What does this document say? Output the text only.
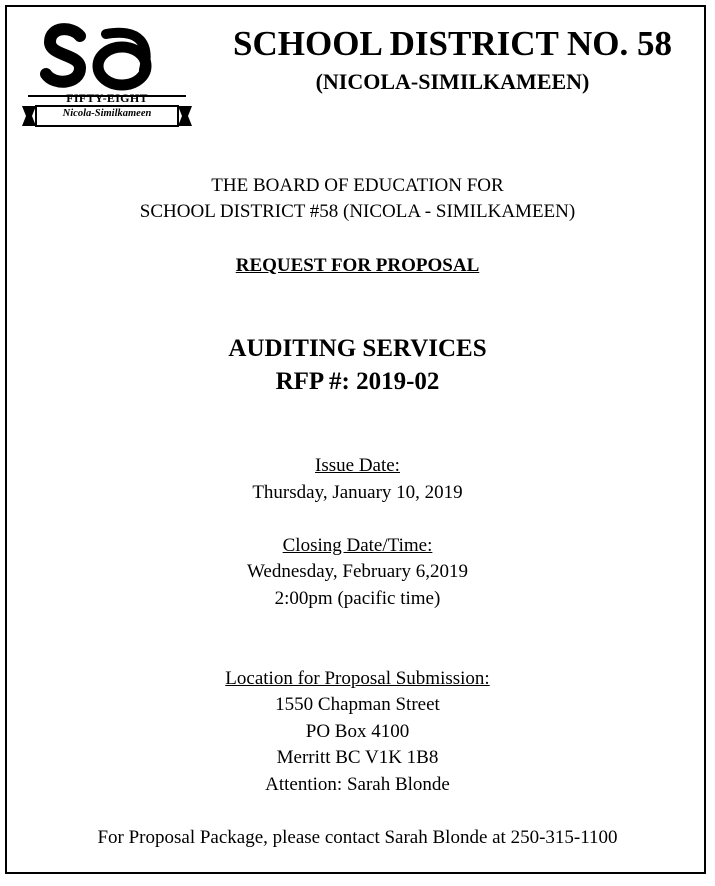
FIFTY-EIGHT
Nicola-Similkameen
SCHOOL DISTRICT NO. 58
(NICOLA-SIMILKAMEEN)
THE BOARD OF EDUCATION FOR
SCHOOL DISTRICT #58 (NICOLA - SIMILKAMEEN)
REQUEST FOR PROPOSAL
AUDITING SERVICES
RFP #: 2019-02
Issue Date:
Thursday, January 10, 2019
Closing Date/Time:
Wednesday, February 6,2019
2:00pm (pacific time)
Location for Proposal Submission:
1550 Chapman Street
PO Box 4100
Merritt BC V1K 1B8
Attention: Sarah Blonde
For Proposal Package, please contact Sarah Blonde at 250-315-1100
